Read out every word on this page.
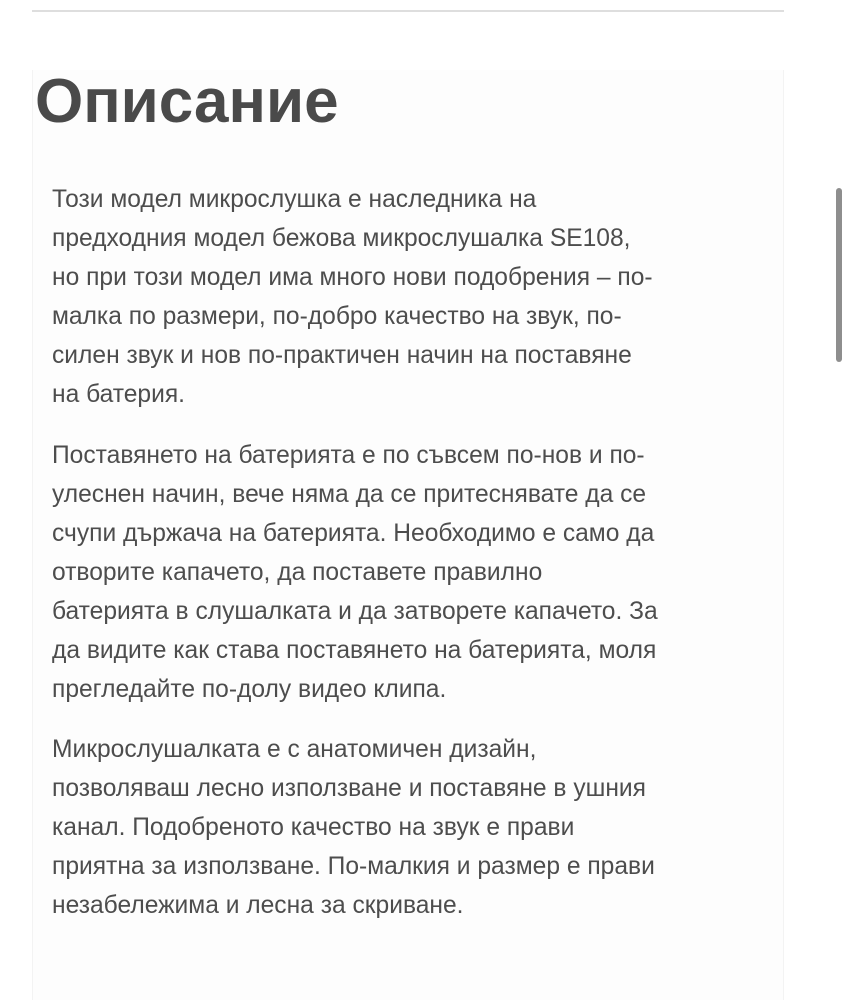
Описание

Този модел микрослушка е наследника на
предходния модел бежова микрослушалка SE108,
но при този модел има много нови подобрения – по-
малка по размери, по-добро качество на звук, по-
силен звук и нов по-практичен начин на поставяне
на батерия.

Поставянето на батерията е по съвсем по-нов и по-
улеснен начин, вече няма да се притеснявате да се
счупи държача на батерията. Необходимо е само да
отворите капачето, да поставете правилно
батерията в слушалката и да затворете капачето. За
да видите как става поставянето на батерията, моля
прегледайте по-долу видео клипа.

Микрослушалката е с анатомичен дизайн,
позволяваш лесно използване и поставяне в ушния
канал. Подобреното качество на звук е прави
приятна за използване. По-малкия и размер е прави
незабележима и лесна за скриване.
